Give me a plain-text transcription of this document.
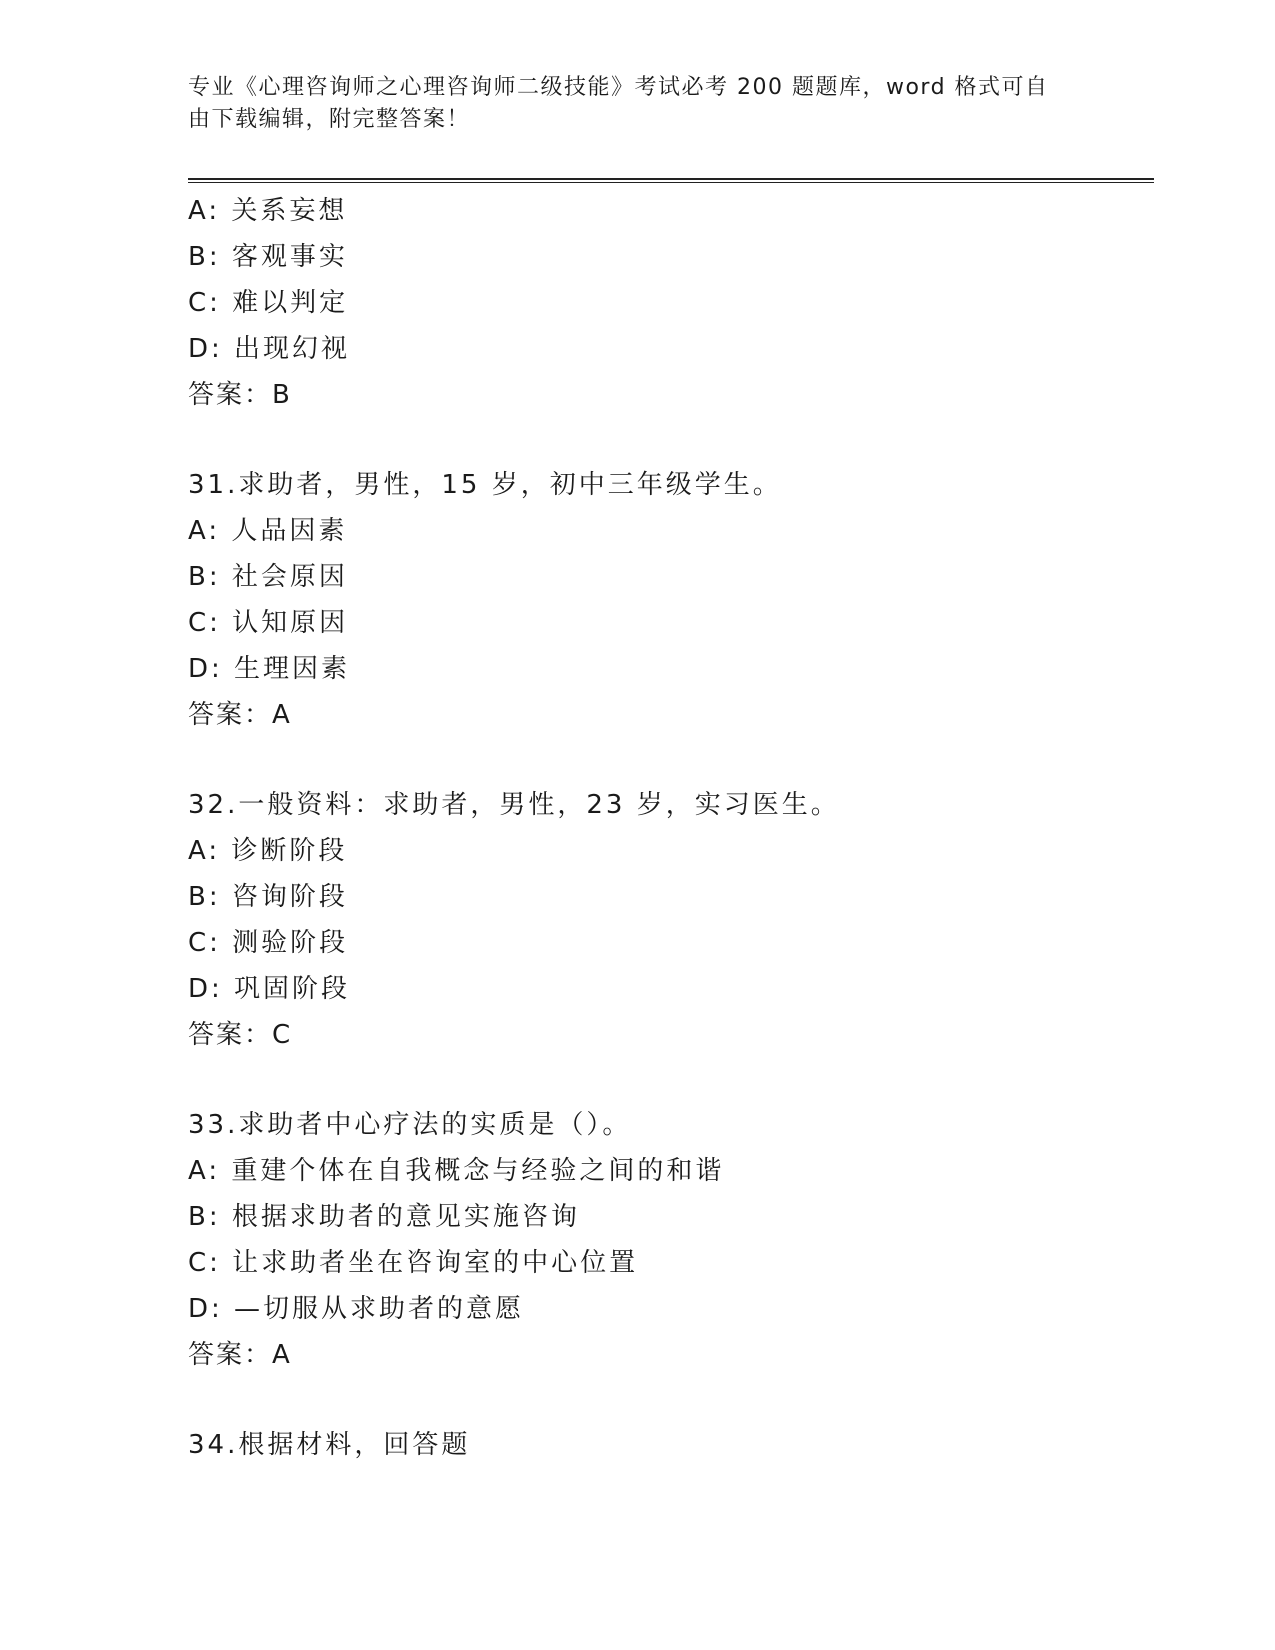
专业《心理咨询师之心理咨询师二级技能》考试必考 200 题题库，word 格式可自
由下载编辑，附完整答案！
A: 关系妄想
B: 客观事实
C: 难以判定
D: 出现幻视
答案：B
31.求助者，男性，15 岁，初中三年级学生。
A: 人品因素
B: 社会原因
C: 认知原因
D: 生理因素
答案：A
32.一般资料：求助者，男性，23 岁，实习医生。
A: 诊断阶段
B: 咨询阶段
C: 测验阶段
D: 巩固阶段
答案：C
33.求助者中心疗法的实质是（）。
A: 重建个体在自我概念与经验之间的和谐
B: 根据求助者的意见实施咨询
C: 让求助者坐在咨询室的中心位置
D: —切服从求助者的意愿
答案：A
34.根据材料，回答题
